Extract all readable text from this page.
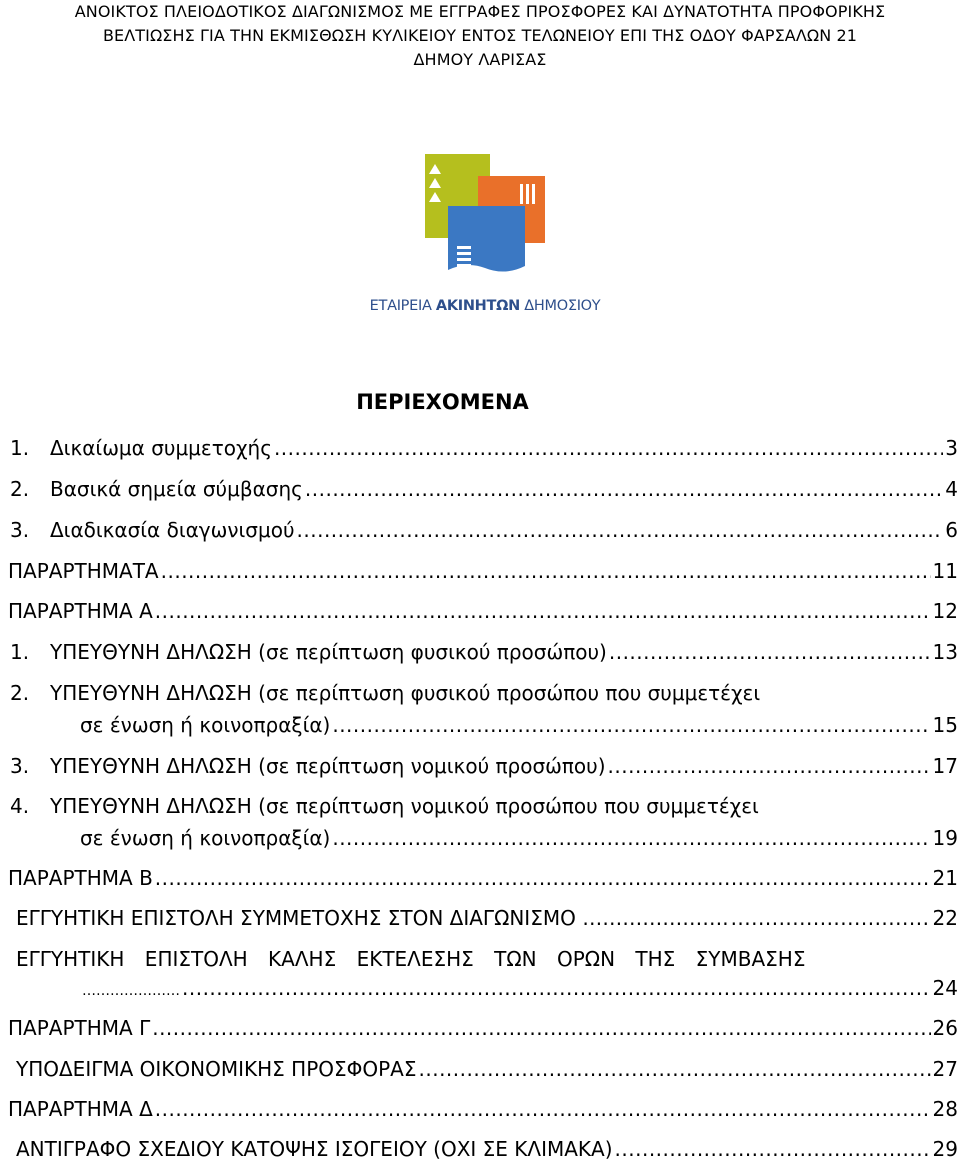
ΑΝΟΙΚΤΟΣ ΠΛΕΙΟΔΟΤΙΚΟΣ ΔΙΑΓΩΝΙΣΜΟΣ ΜΕ ΕΓΓΡΑΦΕΣ ΠΡΟΣΦΟΡΕΣ ΚΑΙ ΔΥΝΑΤΟΤΗΤΑ ΠΡΟΦΟΡΙΚΗΣ
ΒΕΛΤΙΩΣΗΣ ΓΙΑ ΤΗΝ ΕΚΜΙΣΘΩΣΗ ΚΥΛΙΚΕΙΟΥ ΕΝΤΟΣ ΤΕΛΩΝΕΙΟΥ ΕΠΙ ΤΗΣ ΟΔΟΥ ΦΑΡΣΑΛΩΝ 21
ΔΗΜΟΥ ΛΑΡΙΣΑΣ
ΕΤΑΙΡΕΙΑ ΑΚΙΝΗΤΩΝ ΔΗΜΟΣΙΟΥ
ΠΕΡΙΕΧΟΜΕΝΑ
1.	Δικαίωμα συμμετοχής .....	3
2.	Βασικά σημεία σύμβασης .....	4
3.	Διαδικασία διαγωνισμού .....	6
ΠΑΡΑΡΤΗΜΑΤΑ .....	11
ΠΑΡΑΡΤΗΜΑ Α .....	12
1.	ΥΠΕΥΘΥΝΗ ΔΗΛΩΣΗ (σε περίπτωση φυσικού προσώπου) .....	13
2.	ΥΠΕΥΘΥΝΗ ΔΗΛΩΣΗ (σε περίπτωση φυσικού προσώπου που συμμετέχει
σε ένωση ή κοινοπραξία) .....	15
3.	ΥΠΕΥΘΥΝΗ ΔΗΛΩΣΗ (σε περίπτωση νομικού προσώπου) .....	17
4.	ΥΠΕΥΘΥΝΗ ΔΗΛΩΣΗ (σε περίπτωση νομικού προσώπου που συμμετέχει
σε ένωση ή κοινοπραξία) .....	19
ΠΑΡΑΡΤΗΜΑ Β .....	21
ΕΓΓΥΗΤΙΚΗ ΕΠΙΣΤΟΛΗ ΣΥΜΜΕΤΟΧΗΣ ΣΤΟΝ ΔΙΑΓΩΝΙΣΜΟ …………………. .....	22
ΕΓΓΥΗΤΙΚΗ ΕΠΙΣΤΟΛΗ ΚΑΛΗΣ ΕΚΤΕΛΕΣΗΣ ΤΩΝ ΟΡΩΝ ΤΗΣ ΣΥΜΒΑΣΗΣ
………………… .....	24
ΠΑΡΑΡΤΗΜΑ Γ .....	26
ΥΠΟΔΕΙΓΜΑ ΟΙΚΟΝΟΜΙΚΗΣ ΠΡΟΣΦΟΡΑΣ .....	27
ΠΑΡΑΡΤΗΜΑ Δ .....	28
ΑΝΤΙΓΡΑΦΟ ΣΧΕΔΙΟΥ ΚΑΤΟΨΗΣ ΙΣΟΓΕΙΟΥ (ΟΧΙ ΣΕ ΚΛΙΜΑΚΑ) .....	29
